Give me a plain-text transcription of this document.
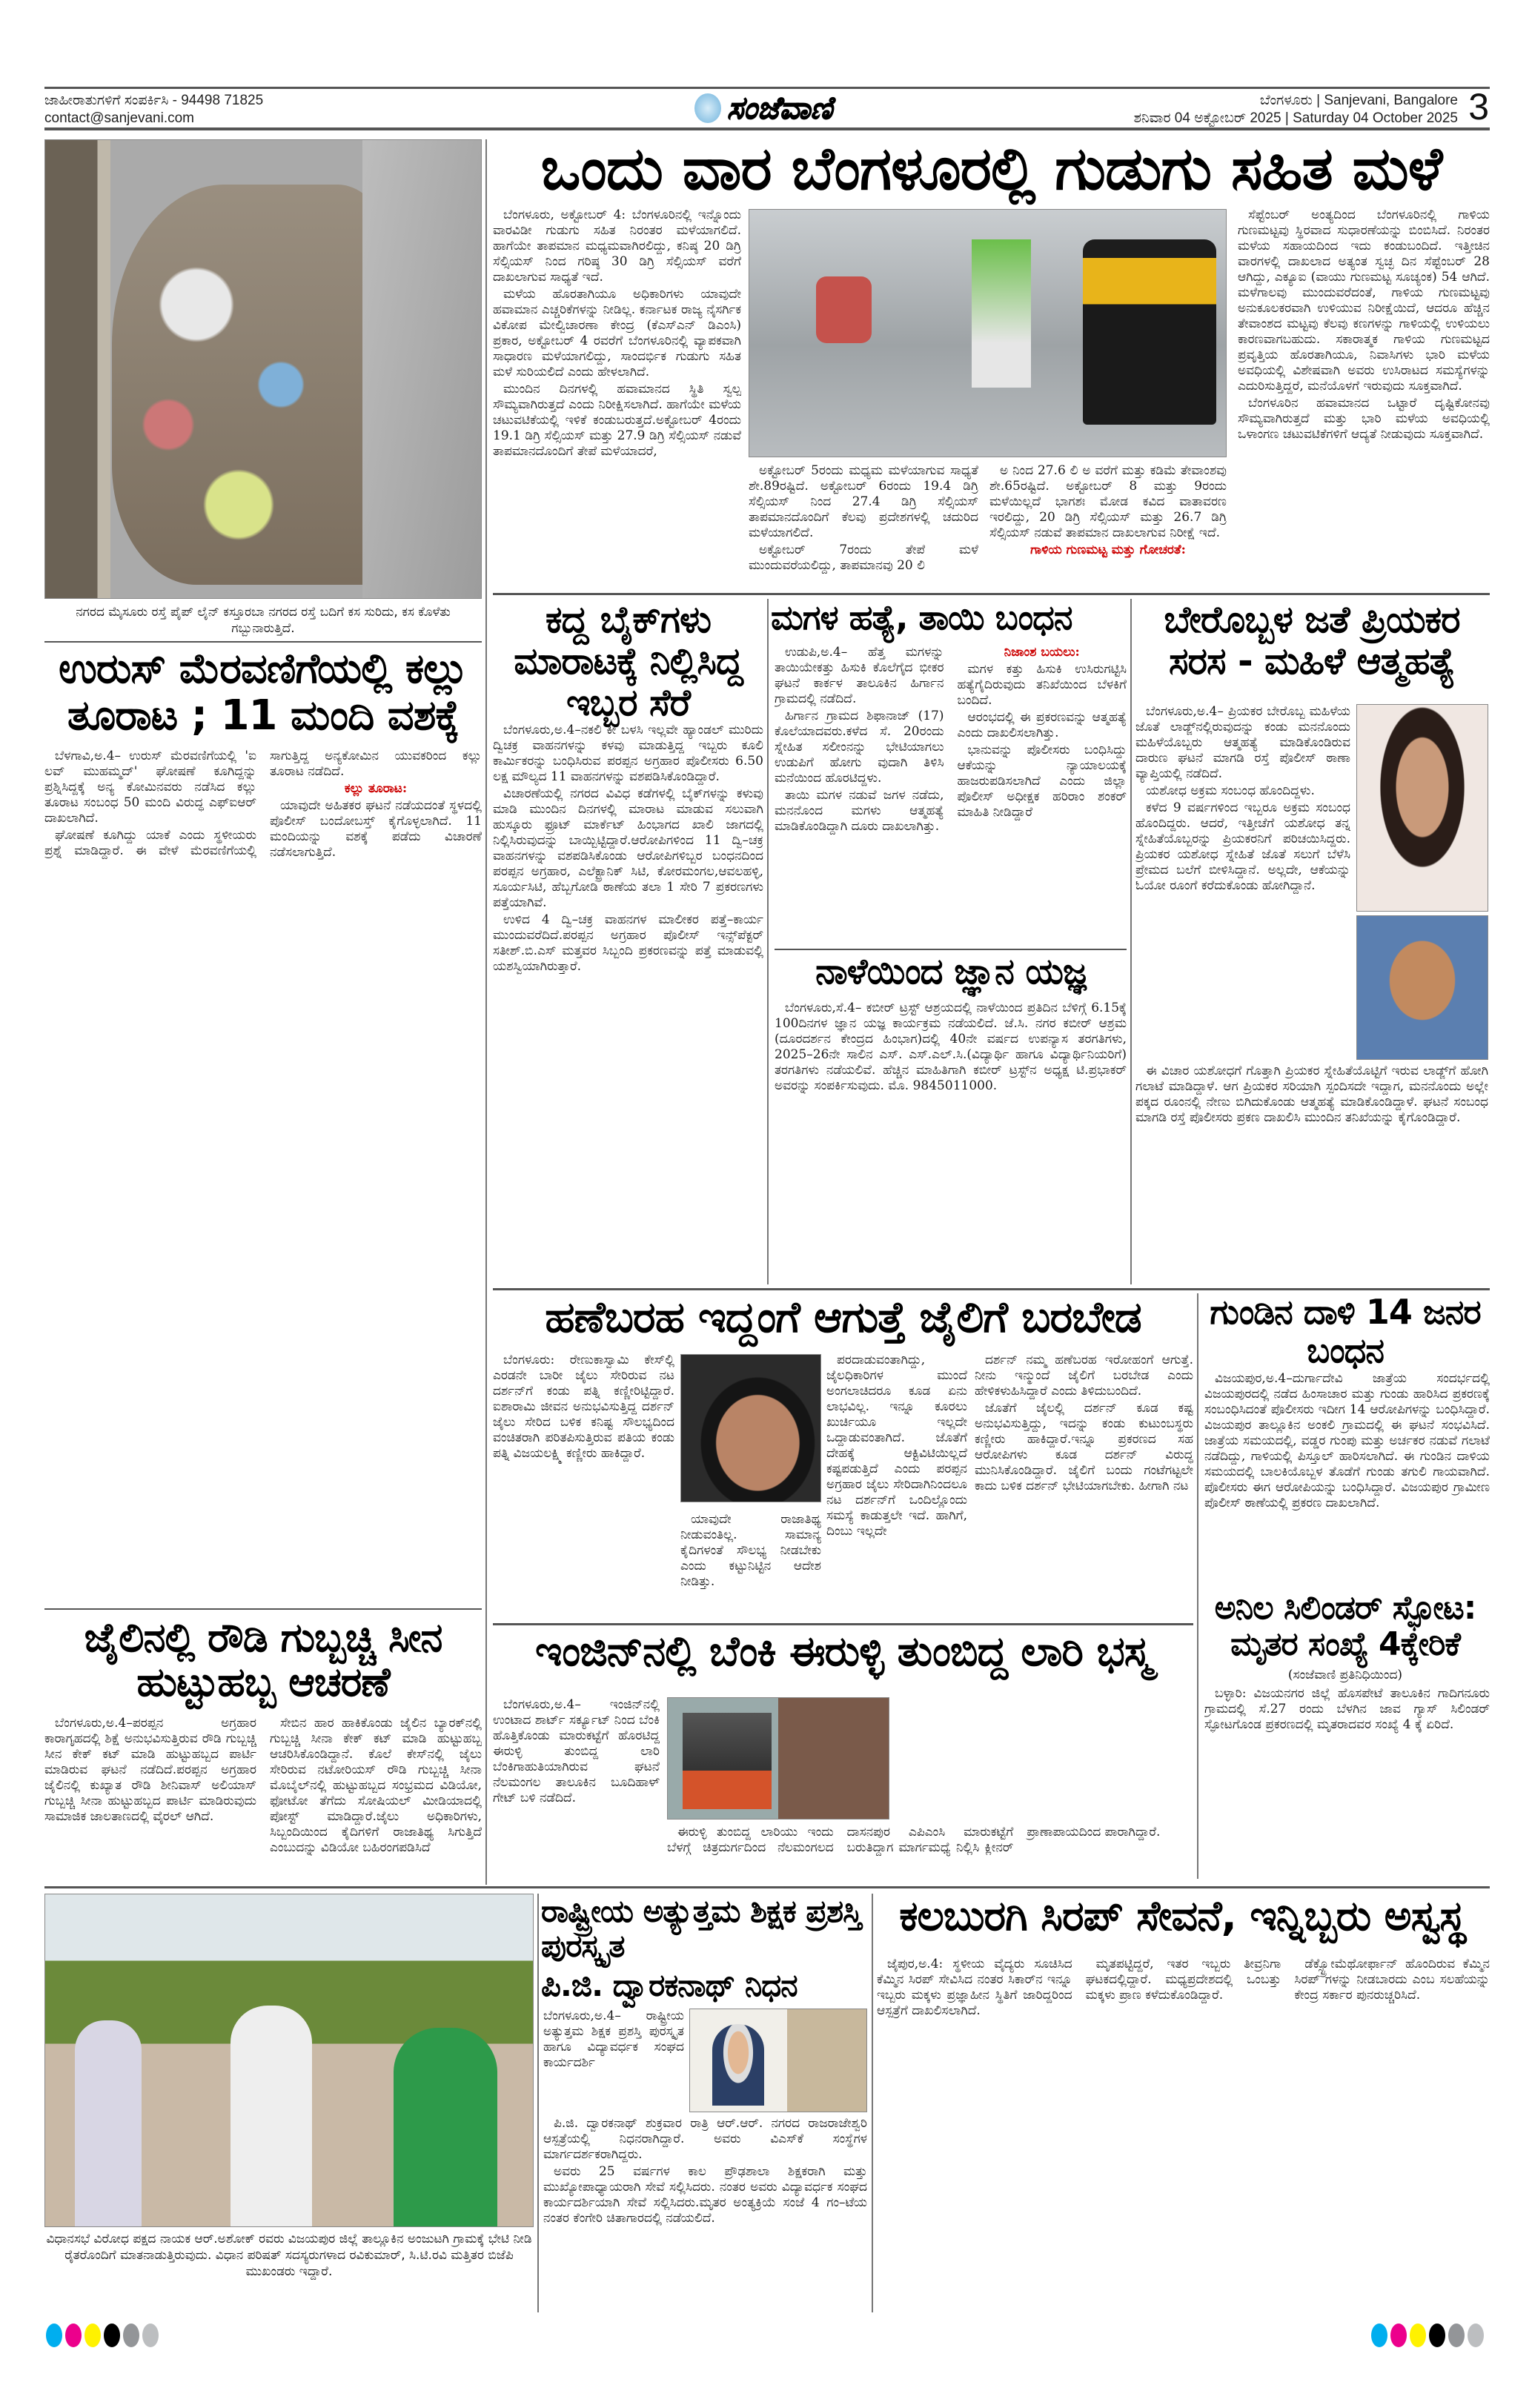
ಜಾಹೀರಾತುಗಳಿಗೆ ಸಂಪರ್ಕಿಸಿ - 94498 71825
contact@sanjevani.com	ಸಂಜೆವಾಣಿ	ಬೆಂಗಳೂರು | Sanjevani, Bangalore
ಶನಿವಾರ 04 ಅಕ್ಟೋಬರ್ 2025 | Saturday 04 October 2025 3
ನಗರದ ಮೈಸೂರು ರಸ್ತೆ ಪೈಪ್ ಲೈನ್ ಕಸ್ತೂರಬಾ ನಗರದ ರಸ್ತೆ ಬದಿಗೆ ಕಸ ಸುರಿದು, ಕಸ ಕೊಳೆತು ಗಬ್ಬುನಾರುತ್ತಿದೆ.
ಉರುಸ್ ಮೆರವಣಿಗೆಯಲ್ಲಿ ಕಲ್ಲು ತೂರಾಟ ; 11 ಮಂದಿ ವಶಕ್ಕೆ

ಬೆಳಗಾವಿ,ಅ.4– ಉರುಸ್ ಮೆರವಣಿಗೆಯಲ್ಲಿ 'ಐ ಲವ್ ಮುಹಮ್ಮದ್' ಘೋಷಣೆ ಕೂಗಿದ್ದನ್ನು ಪ್ರಶ್ನಿಸಿದ್ದಕ್ಕೆ ಅನ್ಯ ಕೋಮಿನವರು ನಡೆಸಿದ ಕಲ್ಲು ತೂರಾಟ ಸಂಬಂಧ 50 ಮಂದಿ ವಿರುದ್ಧ ಎಫ್‌ಐಆರ್ ದಾಖಲಾಗಿದೆ.

ಘೋಷಣೆ ಕೂಗಿದ್ದು ಯಾಕೆ ಎಂದು ಸ್ಥಳೀಯರು ಪ್ರಶ್ನೆ ಮಾಡಿದ್ದಾರೆ. ಈ ವೇಳೆ ಮೆರವಣಿಗೆಯಲ್ಲಿ ಸಾಗುತ್ತಿದ್ದ ಅನ್ಯಕೋಮಿನ ಯುವಕರಿಂದ ಕಲ್ಲು ತೂರಾಟ ನಡೆದಿದೆ.

ಕಲ್ಲು ತೂರಾಟ:

ಯಾವುದೇ ಅಹಿತಕರ ಘಟನೆ ನಡೆಯದಂತೆ ಸ್ಥಳದಲ್ಲಿ ಪೊಲೀಸ್ ಬಂದೋಬಸ್ತ್ ಕೈಗೊಳ್ಳಲಾಗಿದೆ. 11 ಮಂದಿಯನ್ನು ವಶಕ್ಕೆ ಪಡೆದು ವಿಚಾರಣೆ ನಡೆಸಲಾಗುತ್ತಿದೆ.

ಜೈಲಿನಲ್ಲಿ ರೌಡಿ ಗುಬ್ಬಚ್ಚಿ ಸೀನ ಹುಟ್ಟುಹಬ್ಬ ಆಚರಣೆ

ಬೆಂಗಳೂರು,ಅ.4–ಪರಪ್ಪನ ಅಗ್ರಹಾರ ಕಾರಾಗೃಹದಲ್ಲಿ ಶಿಕ್ಷೆ ಅನುಭವಿಸುತ್ತಿರುವ ರೌಡಿ ಗುಬ್ಬಚ್ಚಿ ಸೀನ ಕೇಕ್ ಕಟ್ ಮಾಡಿ ಹುಟ್ಟುಹಬ್ಬದ ಪಾರ್ಟಿ ಮಾಡಿರುವ ಘಟನೆ ನಡೆದಿದೆ.ಪರಪ್ಪನ ಅಗ್ರಹಾರ ಜೈಲಿನಲ್ಲಿ ಕುಖ್ಯಾತ ರೌಡಿ ಶೀನಿವಾಸ್ ಅಲಿಯಾಸ್ ಗುಬ್ಬಚ್ಚಿ ಸೀನಾ ಹುಟ್ಟುಹಬ್ಬದ ಪಾರ್ಟಿ ಮಾಡಿರುವುದು ಸಾಮಾಜಿಕ ಜಾಲತಾಣದಲ್ಲಿ ವೈರಲ್ ಆಗಿದೆ.

ಸೇಬಿನ ಹಾರ ಹಾಕಿಕೊಂಡು ಜೈಲಿನ ಬ್ಯಾರಕ್‌ನಲ್ಲಿ ಗುಬ್ಬಚ್ಚಿ ಸೀನಾ ಕೇಕ್ ಕಟ್ ಮಾಡಿ ಹುಟ್ಟುಹಬ್ಬ ಆಚರಿಸಿಕೊಂಡಿದ್ದಾನೆ. ಕೊಲೆ ಕೇಸ್‌ನಲ್ಲಿ ಜೈಲು ಸೇರಿರುವ ನಟೋರಿಯಸ್ ರೌಡಿ ಗುಬ್ಬಚ್ಚಿ ಸೀನಾ ಮೊಬೈಲ್‌ನಲ್ಲಿ ಹುಟ್ಟುಹಬ್ಬದ ಸಂಭ್ರಮದ ವಿಡಿಯೋ, ಫೋಟೋ ತೆಗೆದು ಸೋಷಿಯಲ್ ಮೀಡಿಯಾದಲ್ಲಿ ಪೋಸ್ಟ್ ಮಾಡಿದ್ದಾರೆ.ಜೈಲು ಅಧಿಕಾರಿಗಳು, ಸಿಬ್ಬಂದಿಯಿಂದ ಕೈದಿಗಳಿಗೆ ರಾಜಾತಿಥ್ಯ ಸಿಗುತ್ತಿದೆ ಎಂಬುದನ್ನು ವಿಡಿಯೋ ಬಹಿರಂಗಪಡಿಸಿದೆ

ಒಂದು ವಾರ ಬೆಂಗಳೂರಲ್ಲಿ ಗುಡುಗು ಸಹಿತ ಮಳೆ

ಬೆಂಗಳೂರು, ಅಕ್ಟೋಬರ್ 4: ಬೆಂಗಳೂರಿನಲ್ಲಿ ಇನ್ನೊಂದು ವಾರವಿಡೀ ಗುಡುಗು ಸಹಿತ ನಿರಂತರ ಮಳೆಯಾಗಲಿದೆ. ಹಾಗೆಯೇ ತಾಪಮಾನ ಮಧ್ಯಮವಾಗಿರಲಿದ್ದು, ಕನಿಷ್ಠ 20 ಡಿಗ್ರಿ ಸೆಲ್ಸಿಯಸ್ ನಿಂದ ಗರಿಷ್ಠ 30 ಡಿಗ್ರಿ ಸೆಲ್ಸಿಯಸ್ ವರೆಗೆ ದಾಖಲಾಗುವ ಸಾಧ್ಯತೆ ಇದೆ.

ಮಳೆಯ ಹೊರತಾಗಿಯೂ ಅಧಿಕಾರಿಗಳು ಯಾವುದೇ ಹವಾಮಾನ ಎಚ್ಚರಿಕೆಗಳನ್ನು ನೀಡಿಲ್ಲ. ಕರ್ನಾಟಕ ರಾಜ್ಯ ನೈಸರ್ಗಿಕ ವಿಕೋಪ ಮೇಲ್ವಿಚಾರಣಾ ಕೇಂದ್ರ (ಕೆಎಸ್‌ಎನ್ ಡಿಎಂಸಿ) ಪ್ರಕಾರ, ಅಕ್ಟೋಬರ್ 4 ರವರೆಗೆ ಬೆಂಗಳೂರಿನಲ್ಲಿ ವ್ಯಾಪಕವಾಗಿ ಸಾಧಾರಣ ಮಳೆಯಾಗಲಿದ್ದು, ಸಾಂದರ್ಭಿಕ ಗುಡುಗು ಸಹಿತ ಮಳೆ ಸುರಿಯಲಿದೆ ಎಂದು ಹೇಳಲಾಗಿದೆ.

ಮುಂದಿನ ದಿನಗಳಲ್ಲಿ ಹವಾಮಾನದ ಸ್ಥಿತಿ ಸ್ವಲ್ಪ ಸೌಮ್ಯವಾಗಿರುತ್ತದೆ ಎಂದು ನಿರೀಕ್ಷಿಸಲಾಗಿದೆ. ಹಾಗೆಯೇ ಮಳೆಯ ಚಟುವಟಿಕೆಯಲ್ಲಿ ಇಳಿಕೆ ಕಂಡುಬರುತ್ತದೆ.ಅಕ್ಟೋಬರ್ 4ರಂದು 19.1 ಡಿಗ್ರಿ ಸೆಲ್ಸಿಯಸ್ ಮತ್ತು 27.9 ಡಿಗ್ರಿ ಸೆಲ್ಸಿಯಸ್ ನಡುವೆ ತಾಪಮಾನದೊಂದಿಗೆ ತೇಪೆ ಮಳೆಯಾದರೆ,

ಅಕ್ಟೋಬರ್ 5ರಂದು ಮಧ್ಯಮ ಮಳೆಯಾಗುವ ಸಾಧ್ಯತೆ ಶೇ.89ರಷ್ಟಿದೆ. ಅಕ್ಟೋಬರ್ 6ರಂದು 19.4 ಡಿಗ್ರಿ ಸೆಲ್ಸಿಯಸ್ ನಿಂದ 27.4 ಡಿಗ್ರಿ ಸೆಲ್ಸಿಯಸ್ ತಾಪಮಾನದೊಂದಿಗೆ ಕೆಲವು ಪ್ರದೇಶಗಳಲ್ಲಿ ಚದುರಿದ ಮಳೆಯಾಗಲಿದೆ.

ಅಕ್ಟೋಬರ್ 7ರಂದು ತೇಪೆ ಮಳೆ ಮುಂದುವರೆಯಲಿದ್ದು, ತಾಪಮಾನವು 20 ಲಿ

ಅ ನಿಂದ 27.6 ಲಿ ಅ ವರೆಗೆ ಮತ್ತು ಕಡಿಮೆ ತೇವಾಂಶವು ಶೇ.65ರಷ್ಟಿದೆ. ಅಕ್ಟೋಬರ್ 8 ಮತ್ತು 9ರಂದು ಮಳೆಯಿಲ್ಲದೆ ಭಾಗಶಃ ಮೋಡ ಕವಿದ ವಾತಾವರಣ ಇರಲಿದ್ದು, 20 ಡಿಗ್ರಿ ಸೆಲ್ಸಿಯಸ್ ಮತ್ತು 26.7 ಡಿಗ್ರಿ ಸೆಲ್ಸಿಯಸ್ ನಡುವೆ ತಾಪಮಾನ ದಾಖಲಾಗುವ ನಿರೀಕ್ಷೆ ಇದೆ.

ಗಾಳಿಯ ಗುಣಮಟ್ಟ ಮತ್ತು ಗೋಚರತೆ:

ಸೆಪ್ಟೆಂಬರ್ ಅಂತ್ಯದಿಂದ ಬೆಂಗಳೂರಿನಲ್ಲಿ ಗಾಳಿಯ ಗುಣಮಟ್ಟವು ಸ್ಥಿರವಾದ ಸುಧಾರಣೆಯನ್ನು ಬಿಂಬಿಸಿದೆ. ನಿರಂತರ ಮಳೆಯ ಸಹಾಯದಿಂದ ಇದು ಕಂಡುಬಂದಿದೆ. ಇತ್ತೀಚಿನ ವಾರಗಳಲ್ಲಿ ದಾಖಲಾದ ಅತ್ಯಂತ ಸ್ವಚ್ಛ ದಿನ ಸೆಪ್ಟೆಂಬರ್ 28 ಆಗಿದ್ದು, ಎಕ್ಯೂಐ (ವಾಯು ಗುಣಮಟ್ಟ ಸೂಚ್ಯಂಕ) 54 ಆಗಿದೆ. ಮಳೆಗಾಲವು ಮುಂದುವರೆದಂತೆ, ಗಾಳಿಯ ಗುಣಮಟ್ಟವು ಅನುಕೂಲಕರವಾಗಿ ಉಳಿಯುವ ನಿರೀಕ್ಷೆಯಿದೆ, ಆದರೂ ಹೆಚ್ಚಿನ ತೇವಾಂಶದ ಮಟ್ಟವು ಕೆಲವು ಕಣಗಳನ್ನು ಗಾಳಿಯಲ್ಲಿ ಉಳಿಯಲು ಕಾರಣವಾಗಬಹುದು. ಸಕಾರಾತ್ಮಕ ಗಾಳಿಯ ಗುಣಮಟ್ಟದ ಪ್ರವೃತ್ತಿಯ ಹೊರತಾಗಿಯೂ, ನಿವಾಸಿಗಳು ಭಾರಿ ಮಳೆಯ ಅವಧಿಯಲ್ಲಿ ವಿಶೇಷವಾಗಿ ಅವರು ಉಸಿರಾಟದ ಸಮಸ್ಯೆಗಳನ್ನು ಎದುರಿಸುತ್ತಿದ್ದರೆ, ಮನೆಯೊಳಗೆ ಇರುವುದು ಸೂಕ್ತವಾಗಿದೆ.

ಬೆಂಗಳೂರಿನ ಹವಾಮಾನದ ಒಟ್ಟಾರೆ ದೃಷ್ಟಿಕೋನವು ಸೌಮ್ಯವಾಗಿರುತ್ತದೆ ಮತ್ತು ಭಾರಿ ಮಳೆಯ ಅವಧಿಯಲ್ಲಿ ಒಳಾಂಗಣ ಚಟುವಟಿಕೆಗಳಿಗೆ ಆದ್ಯತೆ ನೀಡುವುದು ಸೂಕ್ತವಾಗಿದೆ.

ಕದ್ದ ಬೈಕ್‌ಗಳು ಮಾರಾಟಕ್ಕೆ ನಿಲ್ಲಿಸಿದ್ದ ಇಬ್ಬರ ಸೆರೆ

ಬೆಂಗಳೂರು,ಅ.4–ನಕಲಿ ಕೀ ಬಳಸಿ ಇಲ್ಲವೇ ಹ್ಯಾಂಡಲ್ ಮುರಿದು ದ್ವಿಚಕ್ರ ವಾಹನಗಳನ್ನು ಕಳವು ಮಾಡುತ್ತಿದ್ದ ಇಬ್ಬರು ಕೂಲಿ ಕಾರ್ಮಿಕರನ್ನು ಬಂಧಿಸಿರುವ ಪರಪ್ಪನ ಅಗ್ರಹಾರ ಪೊಲೀಸರು 6.50 ಲಕ್ಷ ಮೌಲ್ಯದ 11 ವಾಹನಗಳನ್ನು ವಶಪಡಿಸಿಕೊಂಡಿದ್ದಾರೆ.

ವಿಚಾರಣೆಯಲ್ಲಿ ನಗರದ ವಿವಿಧ ಕಡೆಗಳಲ್ಲಿ ಬೈಕ್‌ಗಳನ್ನು ಕಳುವು ಮಾಡಿ ಮುಂದಿನ ದಿನಗಳಲ್ಲಿ ಮಾರಾಟ ಮಾಡುವ ಸಲುವಾಗಿ ಹುಸ್ಕೂರು ಫ್ರೂಟ್ ಮಾರ್ಕೆಟ್ ಹಿಂಭಾಗದ ಖಾಲಿ ಜಾಗದಲ್ಲಿ ನಿಲ್ಲಿಸಿರುವುದನ್ನು ಬಾಯ್ಬಿಟ್ಟಿದ್ದಾರೆ.ಆರೋಪಿಗಳಿಂದ 11 ದ್ವಿ–ಚಕ್ರ ವಾಹನಗಳನ್ನು ವಶಪಡಿಸಿಕೊಂಡು ಆರೋಪಿಗಳಿಬ್ಬರ ಬಂಧನದಿಂದ ಪರಪ್ಪನ ಅಗ್ರಹಾರ, ಎಲೆಕ್ಟ್ರಾನಿಕ್ ಸಿಟಿ, ಕೋರಮಂಗಲ,ಆವಲಹಳ್ಳಿ, ಸೂರ್ಯಸಿಟಿ, ಹೆಬ್ಬಗೋಡಿ ಠಾಣೆಯ ತಲಾ 1 ಸೇರಿ 7 ಪ್ರಕರಣಗಳು ಪತ್ತೆಯಾಗಿವೆ.

ಉಳಿದ 4 ದ್ವಿ–ಚಕ್ರ ವಾಹನಗಳ ಮಾಲೀಕರ ಪತ್ತೆ–ಕಾರ್ಯ ಮುಂದುವರೆದಿದೆ.ಪರಪ್ಪನ ಅಗ್ರಹಾರ ಪೊಲೀಸ್ ಇನ್ಸ್‌ಪೆಕ್ಟರ್ ಸತೀಶ್.ಬಿ.ಎಸ್ ಮತ್ತವರ ಸಿಬ್ಬಂದಿ ಪ್ರಕರಣವನ್ನು ಪತ್ತೆ ಮಾಡುವಲ್ಲಿ ಯಶಸ್ವಿಯಾಗಿರುತ್ತಾರೆ.

ಮಗಳ ಹತ್ಯೆ, ತಾಯಿ ಬಂಧನ

ಉಡುಪಿ,ಅ.4– ಹೆತ್ತ ಮಗಳನ್ನು ತಾಯಿಯೇಕತ್ತು ಹಿಸುಕಿ ಕೊಲೆಗೈದ ಭೀಕರ ಘಟನೆ ಕಾರ್ಕಳ ತಾಲೂಕಿನ ಹಿರ್ಗಾನ ಗ್ರಾಮದಲ್ಲಿ ನಡೆದಿದೆ.

ಹಿರ್ಗಾನ ಗ್ರಾಮದ ಶಿಫಾನಾಜ್ (17) ಕೊಲೆಯಾದವರು.ಕಳೆದ ಸೆ. 20ರಂದು ಸ್ನೇಹಿತ ಸಲೀಂನನ್ನು ಭೇಟಿಯಾಗಲು ಉಡುಪಿಗೆ ಹೋಗು ವುದಾಗಿ ತಿಳಿಸಿ ಮನೆಯಿಂದ ಹೊರಟಿದ್ದಳು.

ತಾಯಿ ಮಗಳ ನಡುವೆ ಜಗಳ ನಡೆದು, ಮನನೊಂದ ಮಗಳು ಆತ್ಮಹತ್ಯೆ ಮಾಡಿಕೊಂಡಿದ್ದಾಗಿ ದೂರು ದಾಖಲಾಗಿತ್ತು.

ನಿಜಾಂಶ ಬಯಲು:

ಮಗಳ ಕತ್ತು ಹಿಸುಕಿ ಉಸಿರುಗಟ್ಟಿಸಿ ಹತ್ಯೆಗೈದಿರುವುದು ತನಿಖೆಯಿಂದ ಬೆಳಕಿಗೆ ಬಂದಿದೆ.

ಆರಂಭದಲ್ಲಿ ಈ ಪ್ರಕರಣವನ್ನು ಆತ್ಮಹತ್ಯೆ ಎಂದು ದಾಖಲಿಸಲಾಗಿತ್ತು.

ಭಾನುವನ್ನು ಪೊಲೀಸರು ಬಂಧಿಸಿದ್ದು ಆಕೆಯನ್ನು ನ್ಯಾಯಾಲಯಕ್ಕೆ ಹಾಜರುಪಡಿಸಲಾಗಿದೆ ಎಂದು ಜಿಲ್ಲಾ ಪೊಲೀಸ್ ಅಧೀಕ್ಷಕ ಹರಿರಾಂ ಶಂಕರ್ ಮಾಹಿತಿ ನೀಡಿದ್ದಾರೆ

ನಾಳೆಯಿಂದ ಜ್ಞಾನ ಯಜ್ಞ

ಬೆಂಗಳೂರು,ಸೆ.4– ಕಬೀರ್ ಟ್ರಸ್ಟ್ ಆಶ್ರಯದಲ್ಲಿ ನಾಳೆಯಿಂದ ಪ್ರತಿದಿನ ಬೆಳಿಗ್ಗೆ 6.15ಕ್ಕೆ 100ದಿನಗಳ ಜ್ಞಾನ ಯಜ್ಞ ಕಾರ್ಯಕ್ರಮ ನಡೆಯಲಿದೆ. ಜೆ.ಸಿ. ನಗರ ಕಬೀರ್ ಆಶ್ರಮ (ದೂರದರ್ಶನ ಕೇಂದ್ರದ ಹಿಂಭಾಗ)ದಲ್ಲಿ 40ನೇ ವರ್ಷದ ಉಪನ್ಯಾಸ ತರಗತಿಗಳು, 2025–26ನೇ ಸಾಲಿನ ಎಸ್. ಎಸ್.ಎಲ್.ಸಿ.(ವಿದ್ಯಾರ್ಥಿ ಹಾಗೂ ವಿದ್ಯಾರ್ಥಿನಿಯರಿಗೆ) ತರಗತಿಗಳು ನಡೆಯಲಿವೆ. ಹೆಚ್ಚಿನ ಮಾಹಿತಿಗಾಗಿ ಕಬೀರ್ ಟ್ರಸ್ಟ್‌ನ ಅಧ್ಯಕ್ಷ ಟಿ.ಪ್ರಭಾಕರ್ ಅವರನ್ನು ಸಂಪರ್ಕಿಸುವುದು. ಮೊ. 9845011000.

ಬೇರೊಬ್ಬಳ ಜತೆ ಪ್ರಿಯಕರ ಸರಸ - ಮಹಿಳೆ ಆತ್ಮಹತ್ಯೆ

ಬೆಂಗಳೂರು,ಅ.4– ಪ್ರಿಯಕರ ಬೇರೊಬ್ಬ ಮಹಿಳೆಯ ಜೊತೆ ಲಾಡ್ಜ್‌ನಲ್ಲಿರುವುದನ್ನು ಕಂಡು ಮನನೊಂದು ಮಹಿಳೆಯೊಬ್ಬರು ಆತ್ಮಹತ್ಯೆ ಮಾಡಿಕೊಂಡಿರುವ ದಾರುಣ ಘಟನೆ ಮಾಗಡಿ ರಸ್ತೆ ಪೊಲೀಸ್ ಠಾಣಾ ವ್ಯಾಪ್ತಿಯಲ್ಲಿ ನಡೆದಿದೆ.

ಯಶೋಧ ಅಕ್ರಮ ಸಂಬಂಧ ಹೊಂದಿದ್ದಳು.

ಕಳೆದ 9 ವರ್ಷಗಳಿಂದ ಇಬ್ಬರೂ ಅಕ್ರಮ ಸಂಬಂಧ ಹೊಂದಿದ್ದರು. ಆದರೆ, ಇತ್ತೀಚೆಗೆ ಯಶೋಧ ತನ್ನ ಸ್ನೇಹಿತೆಯೊಬ್ಬರನ್ನು ಪ್ರಿಯಕರನಿಗೆ ಪರಿಚಯಿಸಿದ್ದರು. ಪ್ರಿಯಕರ ಯಶೋಧ ಸ್ನೇಹಿತೆ ಜೊತೆ ಸಲುಗೆ ಬೆಳೆಸಿ ಪ್ರೇಮದ ಬಲೆಗೆ ಬೀಳಿಸಿದ್ದಾನೆ. ಅಲ್ಲದೇ, ಆಕೆಯನ್ನು ಓಯೋ ರೂಂಗೆ ಕರೆದುಕೊಂಡು ಹೋಗಿದ್ದಾನೆ.

ಈ ವಿಚಾರ ಯಶೋಧಗೆ ಗೊತ್ತಾಗಿ ಪ್ರಿಯಕರ ಸ್ನೇಹಿತೆಯೊಟ್ಟಿಗೆ ಇರುವ ಲಾಡ್ಜ್‌ಗೆ ಹೋಗಿ ಗಲಾಟೆ ಮಾಡಿದ್ದಾಳೆ. ಆಗ ಪ್ರಿಯಕರ ಸರಿಯಾಗಿ ಸ್ಪಂದಿಸದೇ ಇದ್ದಾಗ, ಮನನೊಂದು ಅಲ್ಲೇ ಪಕ್ಕದ ರೂಂನಲ್ಲಿ ನೇಣು ಬಿಗಿದುಕೊಂಡು ಆತ್ಮಹತ್ಯೆ ಮಾಡಿಕೊಂಡಿದ್ದಾಳೆ. ಘಟನೆ ಸಂಬಂಧ ಮಾಗಡಿ ರಸ್ತೆ ಪೊಲೀಸರು ಪ್ರಕಣ ದಾಖಲಿಸಿ ಮುಂದಿನ ತನಿಖೆಯನ್ನು ಕೈಗೊಂಡಿದ್ದಾರೆ.

ಹಣೆಬರಹ ಇದ್ದಂಗೆ ಆಗುತ್ತೆ ಜೈಲಿಗೆ ಬರಬೇಡ

ಬೆಂಗಳೂರು: ರೇಣುಕಾಸ್ವಾಮಿ ಕೇಸ್‌ಲ್ಲಿ ಎರಡನೇ ಬಾರೀ ಜೈಲು ಸೇರಿರುವ ನಟ ದರ್ಶನ್‌ಗೆ ಕಂಡು ಪತ್ನಿ ಕಣ್ಣೀರಿಟ್ಟಿದ್ದಾರೆ. ಐಶಾರಾಮಿ ಜೀವನ ಅನುಭವಿಸುತ್ತಿದ್ದ ದರ್ಶನ್ ಜೈಲು ಸೇರಿದ ಬಳಿಕ ಕನಿಷ್ಟ ಸೌಲಭ್ಯದಿಂದ ವಂಚಿತರಾಗಿ ಪರಿತಪಿಸುತ್ತಿರುವ ಪತಿಯ ಕಂಡು ಪತ್ನಿ ವಿಜಯಲಕ್ಷ್ಮಿ ಕಣ್ಣೀರು ಹಾಕಿದ್ದಾರೆ.

ಪರದಾಡುವಂತಾಗಿದ್ದು, ಜೈಲಧಿಕಾರಿಗಳ ಮುಂದೆ ಅಂಗಲಾಚಿದರೂ ಕೂಡ ಏನು ಲಾಭವಿಲ್ಲ. ಇನ್ನೂ ಕೂರಲು ಖುರ್ಚಿಯೂ ಇಲ್ಲದೇ ಒದ್ದಾಡುವಂತಾಗಿದೆ. ಜೊತೆಗೆ ದೇಹಕ್ಕೆ ಆಕ್ಟಿವಿಟಿಯಿಲ್ಲದೆ ಕಷ್ಟಪಡುತ್ತಿದೆ ಎಂದು ಪರಪ್ಪನ ಅಗ್ರಹಾರ ಜೈಲು ಸೇರಿದಾಗಿನಿಂದಲೂ ನಟ ದರ್ಶನ್‌ಗೆ ಒಂದಿಲ್ಲೊಂದು ಸಮಸ್ಯೆ ಕಾಡುತ್ತಲೇ ಇದೆ. ಹಾಗಿಗೆ, ದಿಂಬು ಇಲ್ಲದೇ

ದರ್ಶನ್ ನಮ್ಮ ಹಣೆಬರಹ ಇರೋಹಂಗೆ ಆಗುತ್ತೆ. ನೀನು ಇನ್ಮುಂದೆ ಜೈಲಿಗೆ ಬರಬೇಡ ಎಂದು ಹೇಳಿಕಳುಹಿಸಿದ್ದಾರೆ ಎಂದು ತಿಳಿದುಬಂದಿದೆ.

ಜೊತೆಗೆ ಜೈಲಲ್ಲಿ ದರ್ಶನ್ ಕೂಡ ಕಷ್ಟ ಅನುಭವಿಸುತ್ತಿದ್ದು, ಇದನ್ನು ಕಂಡು ಕುಟುಂಬಸ್ಥರು ಕಣ್ಣೀರು ಹಾಕಿದ್ದಾರೆ.ಇನ್ನೂ ಪ್ರಕರಣದ ಸಹ ಆರೋಪಿಗಳು ಕೂಡ ದರ್ಶನ್ ವಿರುದ್ಧ ಮುನಿಸಿಕೊಂಡಿದ್ದಾರೆ. ಜೈಲಿಗೆ ಬಂದು ಗಂಟೆಗಟ್ಟಲೇ ಕಾದು ಬಳಿಕ ದರ್ಶನ್ ಭೇಟಿಯಾಗಬೇಕು. ಹೀಗಾಗಿ ನಟ

ಯಾವುದೇ ರಾಜಾತಿಥ್ಯ ನೀಡುವಂತಿಲ್ಲ. ಸಾಮಾನ್ಯ ಕೈದಿಗಳಂತೆ ಸೌಲಭ್ಯ ನೀಡಬೇಕು ಎಂದು ಕಟ್ಟುನಿಟ್ಟಿನ ಆದೇಶ ನೀಡಿತ್ತು.

ಗುಂಡಿನ ದಾಳಿ 14 ಜನರ ಬಂಧನ

ವಿಜಯಪುರ,ಅ.4–ದುರ್ಗಾದೇವಿ ಜಾತ್ರೆಯ ಸಂದರ್ಭದಲ್ಲಿ ವಿಜಯಪುರದಲ್ಲಿ ನಡೆದ ಹಿಂಸಾಚಾರ ಮತ್ತು ಗುಂಡು ಹಾರಿಸಿದ ಪ್ರಕರಣಕ್ಕೆ ಸಂಬಂಧಿಸಿದಂತೆ ಪೊಲೀಸರು ಇದೀಗ 14 ಆರೋಪಿಗಳನ್ನು ಬಂಧಿಸಿದ್ದಾರೆ. ವಿಜಯಪುರ ತಾಲ್ಲೂಕಿನ ಅಂಕಲಿ ಗ್ರಾಮದಲ್ಲಿ ಈ ಘಟನೆ ಸಂಭವಿಸಿದೆ. ಜಾತ್ರೆಯ ಸಮಯದಲ್ಲಿ, ವಡ್ಡರ ಗುಂಪು ಮತ್ತು ಅರ್ಚಕರ ನಡುವೆ ಗಲಾಟೆ ನಡೆದಿದ್ದು, ಗಾಳಿಯಲ್ಲಿ ಪಿಸ್ತೂಲ್ ಹಾರಿಸಲಾಗಿದೆ. ಈ ಗುಂಡಿನ ದಾಳಿಯ ಸಮಯದಲ್ಲಿ ಬಾಲಕಿಯೊಬ್ಬಳ ತೊಡೆಗೆ ಗುಂಡು ತಗುಲಿ ಗಾಯವಾಗಿದೆ. ಪೊಲೀಸರು ಈಗ ಆರೋಪಿಯನ್ನು ಬಂಧಿಸಿದ್ದಾರೆ. ವಿಜಯಪುರ ಗ್ರಾಮೀಣ ಪೊಲೀಸ್ ಠಾಣೆಯಲ್ಲಿ ಪ್ರಕರಣ ದಾಖಲಾಗಿದೆ.

ಅನಿಲ ಸಿಲಿಂಡರ್ ಸ್ಫೋಟ: ಮೃತರ ಸಂಖ್ಯೆ 4ಕ್ಕೇರಿಕೆ
(ಸಂಜೆವಾಣಿ ಪ್ರತಿನಿಧಿಯಿಂದ)

ಬಳ್ಳಾರಿ: ವಿಜಯನಗರ ಜಿಲ್ಲೆ ಹೊಸಪೇಟೆ ತಾಲೂಕಿನ ಗಾದಿಗನೂರು ಗ್ರಾಮದಲ್ಲಿ ಸೆ.27 ರಂದು ಬೆಳಗಿನ ಜಾವ ಗ್ಯಾಸ್ ಸಿಲಿಂಡರ್ ಸ್ಫೋಟಗೊಂಡ ಪ್ರಕರಣದಲ್ಲಿ ಮೃತರಾದವರ ಸಂಖ್ಯೆ 4 ಕ್ಕೆ ಏರಿದೆ.

ಇಂಜಿನ್‌ನಲ್ಲಿ ಬೆಂಕಿ ಈರುಳ್ಳಿ ತುಂಬಿದ್ದ ಲಾರಿ ಭಸ್ಮ

ಬೆಂಗಳೂರು,ಅ.4– ಇಂಜಿನ್‌ನಲ್ಲಿ ಉಂಟಾದ ಶಾರ್ಟ್ ಸರ್ಕ್ಯೂಟ್ ನಿಂದ ಬೆಂಕಿ ಹೊತ್ತಿಕೊಂಡು ಮಾರುಕಟ್ಟೆಗೆ ಹೊರಟಿದ್ದ ಈರುಳ್ಳಿ ತುಂಬಿದ್ದ ಲಾರಿ ಬೆಂಕಿಗಾಹುತಿಯಾಗಿರುವ ಘಟನೆ ನೆಲಮಂಗಲ ತಾಲೂಕಿನ ಬೂದಿಹಾಳ್ ಗೇಟ್ ಬಳಿ ನಡೆದಿದೆ.

ಈರುಳ್ಳಿ ತುಂಬಿದ್ದ ಲಾರಿಯು ಇಂದು ಬೆಳಗ್ಗೆ ಚಿತ್ರದುರ್ಗದಿಂದ ನೆಲಮಂಗಲದ ದಾಸನಪುರ ಎಪಿಎಂಸಿ ಮಾರುಕಟ್ಟೆಗೆ ಬರುತಿದ್ದಾಗ ಮಾರ್ಗಮಧ್ಯೆ ನಿಲ್ಲಿಸಿ ಕ್ಲೀನರ್ ಪ್ರಾಣಾಪಾಯದಿಂದ ಪಾರಾಗಿದ್ದಾರೆ.

ವಿಧಾನಸಭೆ ವಿರೋಧ ಪಕ್ಷದ ನಾಯಕ ಆರ್.ಅಶೋಕ್ ರವರು ವಿಜಯಪುರ ಜಿಲ್ಲೆ ತಾಲ್ಲೂಕಿನ ಅಂಜುಟಗಿ ಗ್ರಾಮಕ್ಕೆ ಭೇಟಿ ನೀಡಿ ರೈತರೊಂದಿಗೆ ಮಾತನಾಡುತ್ತಿರುವುದು. ವಿಧಾನ ಪರಿಷತ್ ಸದಸ್ಯರುಗಳಾದ ರವಿಕುಮಾರ್, ಸಿ.ಟಿ.ರವಿ ಮತ್ತಿತರ ಬಿಜೆಪಿ ಮುಖಂಡರು ಇದ್ದಾರೆ.
ರಾಷ್ಟ್ರೀಯ ಅತ್ಯುತ್ತಮ ಶಿಕ್ಷಕ ಪ್ರಶಸ್ತಿ ಪುರಸ್ಕೃತ
ಪಿ.ಜಿ. ದ್ವಾರಕನಾಥ್ ನಿಧನ
ಬೆಂಗಳೂರು,ಅ.4– ರಾಷ್ಟ್ರೀಯ ಅತ್ಯುತ್ತಮ ಶಿಕ್ಷಕ ಪ್ರಶಸ್ತಿ ಪುರಸ್ಕೃತ ಹಾಗೂ ವಿದ್ಯಾವರ್ಧಕ ಸಂಘದ ಕಾರ್ಯದರ್ಶಿ

ಪಿ.ಜಿ. ದ್ವಾರಕನಾಥ್ ಶುಕ್ರವಾರ ರಾತ್ರಿ ಆರ್.ಆರ್. ನಗರದ ರಾಜರಾಜೇಶ್ವರಿ ಆಸ್ಪತ್ರೆಯಲ್ಲಿ ನಿಧನರಾಗಿದ್ದಾರೆ. ಅವರು ವಿಎಸ್‌ಕೆ ಸಂಸ್ಥೆಗಳ ಮಾರ್ಗದರ್ಶಕರಾಗಿದ್ದರು.

ಅವರು 25 ವರ್ಷಗಳ ಕಾಲ ಪ್ರೌಢಶಾಲಾ ಶಿಕ್ಷಕರಾಗಿ ಮತ್ತು ಮುಖ್ಯೋಪಾಧ್ಯಾಯರಾಗಿ ಸೇವೆ ಸಲ್ಲಿಸಿದರು. ನಂತರ ಅವರು ವಿದ್ಯಾವರ್ಧಕ ಸಂಘದ ಕಾರ್ಯದರ್ಶಿಯಾಗಿ ಸೇವೆ ಸಲ್ಲಿಸಿದರು.ಮೃತರ ಅಂತ್ಯಕ್ರಿಯೆ ಸಂಜೆ 4 ಗಂ–ಟೆಯ ನಂತರ ಕೆಂಗೇರಿ ಚಿತಾಗಾರದಲ್ಲಿ ನಡೆಯಲಿದೆ.

ಕಲಬುರಗಿ ಸಿರಪ್ ಸೇವನೆ, ಇನ್ನಿಬ್ಬರು ಅಸ್ವಸ್ಥ

ಜೈಪುರ,ಅ.4: ಸ್ಥಳೀಯ ವೈದ್ಯರು ಸೂಚಿಸಿದ ಕೆಮ್ಮಿನ ಸಿರಪ್ ಸೇವಿಸಿದ ನಂತರ ಸಿಕಾರ್‌ನ ಇನ್ನೂ ಇಬ್ಬರು ಮಕ್ಕಳು ಪ್ರಜ್ಞಾಹೀನ ಸ್ಥಿತಿಗೆ ಜಾರಿದ್ದರಿಂದ ಆಸ್ಪತ್ರೆಗೆ ದಾಖಲಿಸಲಾಗಿದೆ.

ಮೃತಪಟ್ಟಿದ್ದರೆ, ಇತರ ಇಬ್ಬರು ತೀವ್ರನಿಗಾ ಘಟಕದಲ್ಲಿದ್ದಾರೆ. ಮಧ್ಯಪ್ರದೇಶದಲ್ಲಿ ಒಂಬತ್ತು ಮಕ್ಕಳು ಪ್ರಾಣ ಕಳೆದುಕೊಂಡಿದ್ದಾರೆ.

ಡೆಕ್ಸ್ಟ್ರೋಮೆಥೋರ್ಫಾನ್ ಹೊಂದಿರುವ ಕೆಮ್ಮಿನ ಸಿರಪ್ ಗಳನ್ನು ನೀಡಬಾರದು ಎಂಬ ಸಲಹೆಯನ್ನು ಕೇಂದ್ರ ಸರ್ಕಾರ ಪುನರುಚ್ಚರಿಸಿದೆ.
